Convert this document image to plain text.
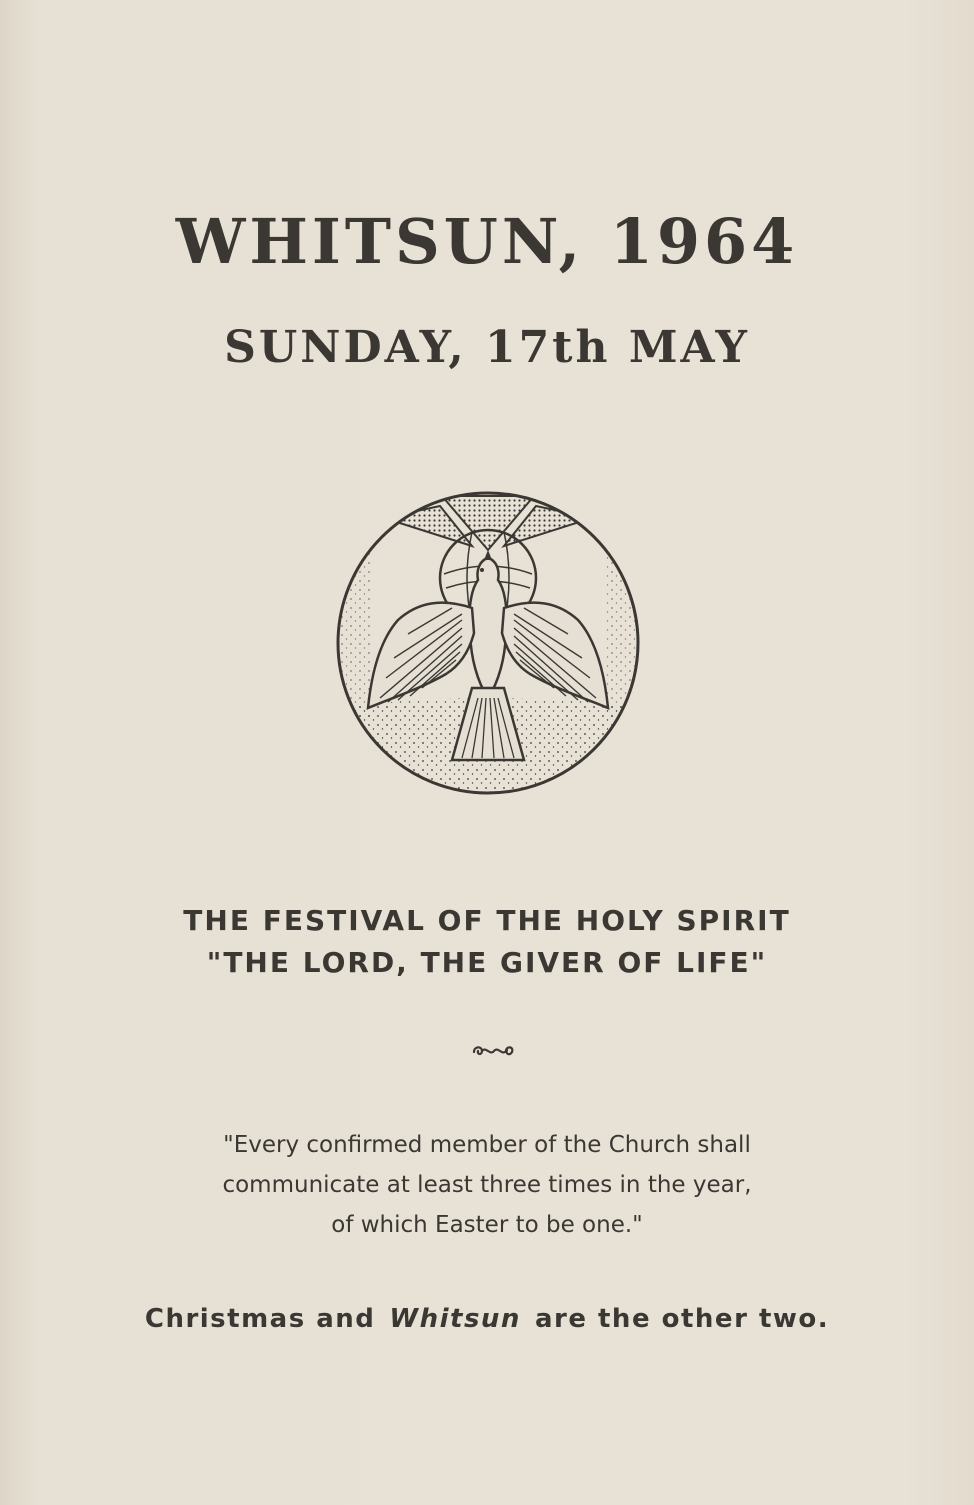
WHITSUN, 1964
SUNDAY, 17th MAY
THE FESTIVAL OF THE HOLY SPIRIT
"THE LORD, THE GIVER OF LIFE"
"Every confirmed member of the Church shall
communicate at least three times in the year,
of which Easter to be one."
Christmas and Whitsun are the other two.
